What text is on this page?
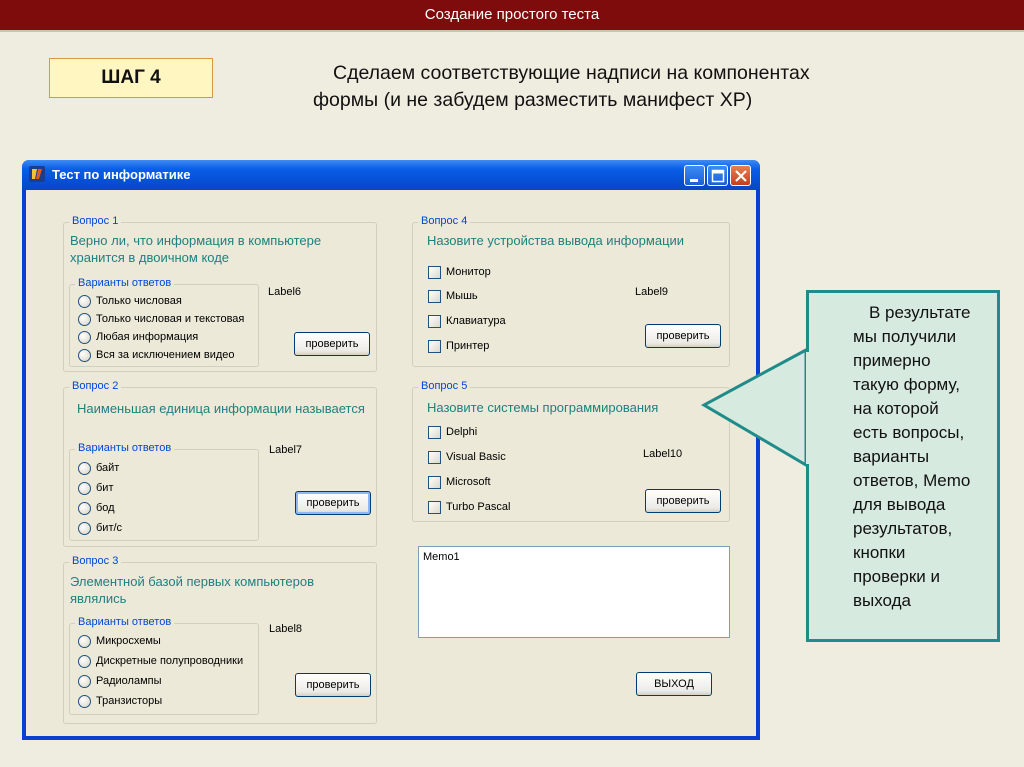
Создание простого теста
ШАГ 4	Сделаем соответствующие надписи на компонентах
формы (и не забудем разместить манифест XP)
Тест по информатике
Вопрос 1
Верно ли, что информация в компьютере хранится в двоичном коде
Варианты ответов
Только числовая
Только числовая и текстовая
Любая информация
Вся за исключением видео
Label6
проверить
Вопрос 2
Наименьшая единица информации называется
Варианты ответов
байт
бит
бод
бит/с
Label7
проверить
Вопрос 3
Элементной базой первых компьютеров являлись
Варианты ответов
Микросхемы
Дискретные полупроводники
Радиолампы
Транзисторы
Label8
проверить
Вопрос 4
Назовите устройства вывода информации
Монитор
Мышь
Клавиатура
Принтер
Label9
проверить
Вопрос 5
Назовите системы программирования
Delphi
Visual Basic
Microsoft
Turbo Pascal
Label10
проверить
Memo1
ВЫХОД
В результате
мы получили
примерно
такую форму,
на которой
есть вопросы,
варианты
ответов, Memo
для вывода
результатов,
кнопки
проверки и
выхода
